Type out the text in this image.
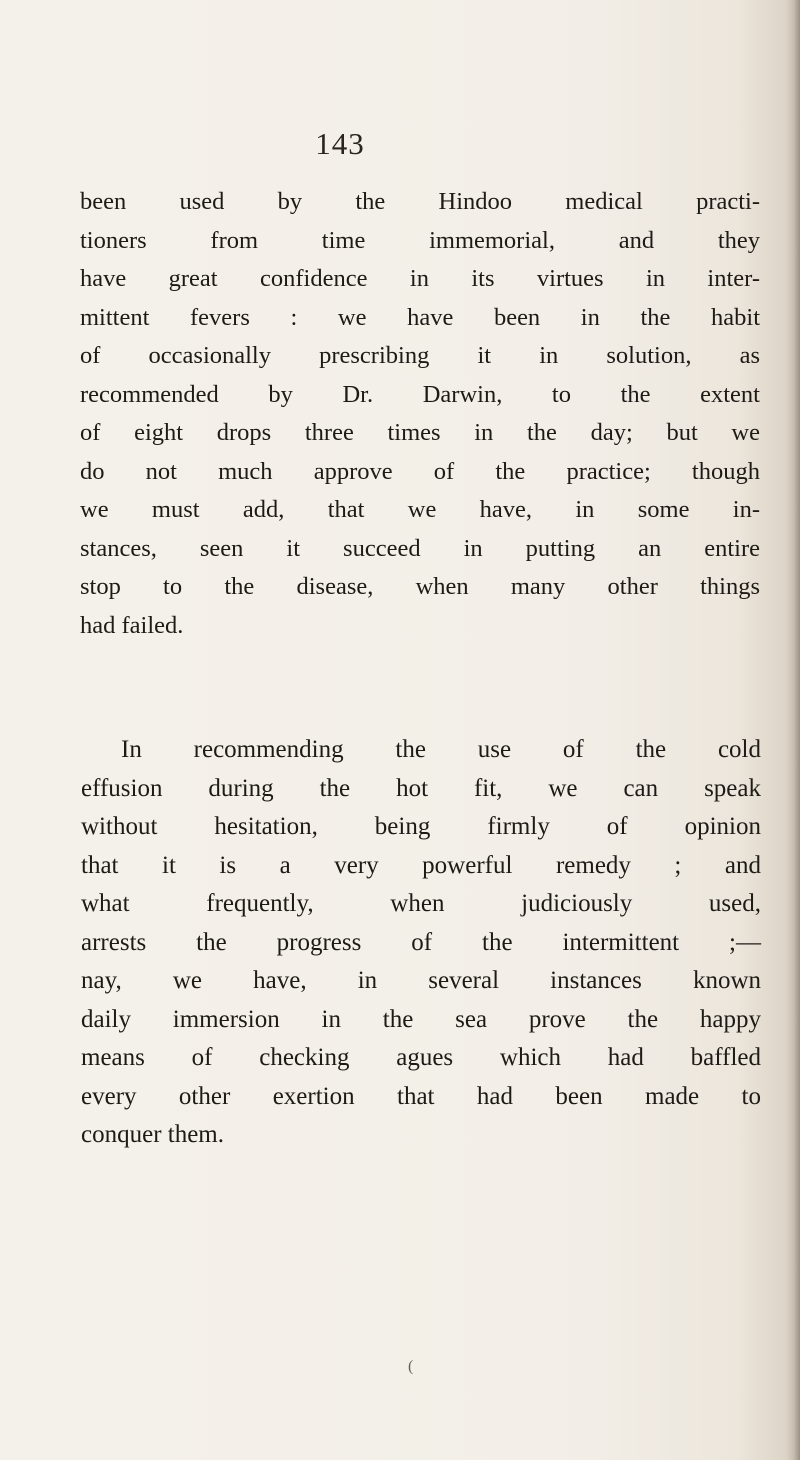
143

been used by the Hindoo medical practi-
tioners from time immemorial, and they
have great confidence in its virtues in inter-
mittent fevers : we have been in the habit
of occasionally prescribing it in solution, as
recommended by Dr. Darwin, to the extent
of eight drops three times in the day; but we
do not much approve of the practice; though
we must add, that we have, in some in-
stances, seen it succeed in putting an entire
stop to the disease, when many other things
had failed.

In recommending the use of the cold
effusion during the hot fit, we can speak
without hesitation, being firmly of opinion
that it is a very powerful remedy ; and
what frequently, when judiciously used,
arrests the progress of the intermittent ;—
nay, we have, in several instances known
daily immersion in the sea prove the happy
means of checking agues which had baffled
every other exertion that had been made to
conquer them.

(
